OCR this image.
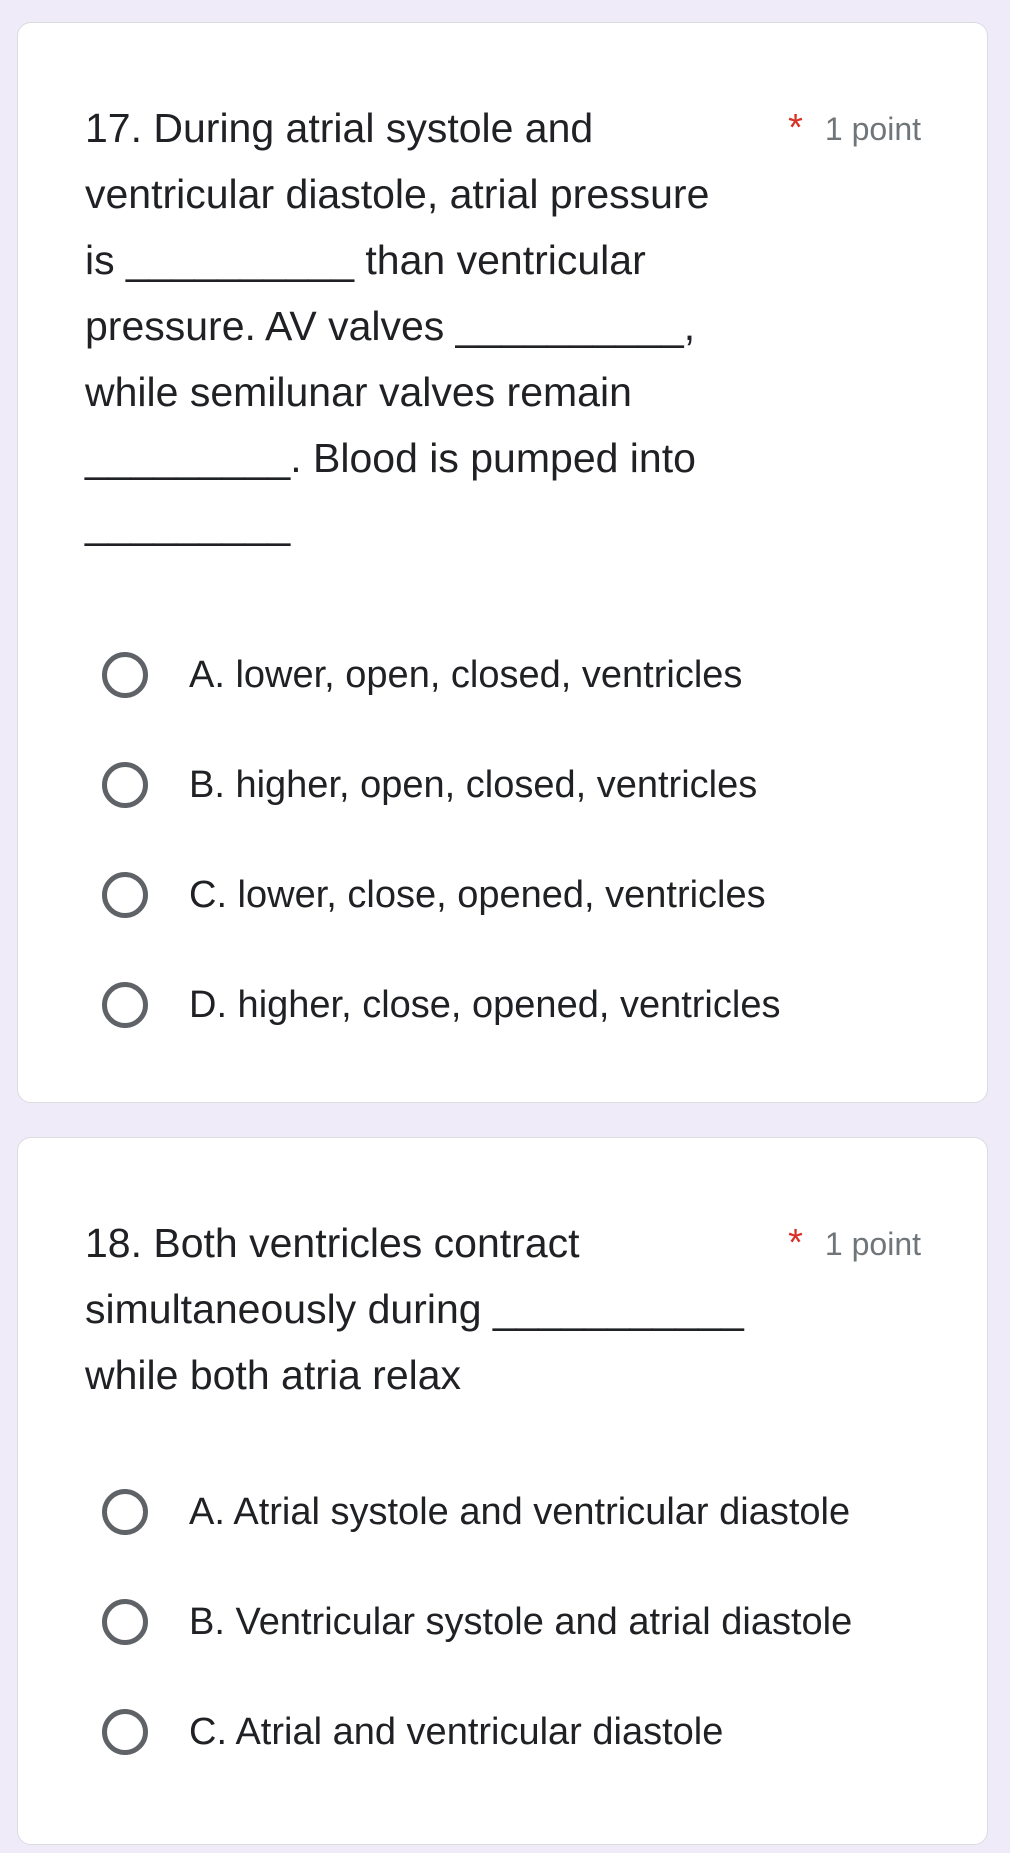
17. During atrial systole and
ventricular diastole, atrial pressure
is __________ than ventricular
pressure. AV valves __________,
while semilunar valves remain
_________. Blood is pumped into
_________
* 1 point
A. lower, open, closed, ventricles
B. higher, open, closed, ventricles
C. lower, close, opened, ventricles
D. higher, close, opened, ventricles
18. Both ventricles contract
simultaneously during ___________
while both atria relax
* 1 point
A. Atrial systole and ventricular diastole
B. Ventricular systole and atrial diastole
C. Atrial and ventricular diastole
